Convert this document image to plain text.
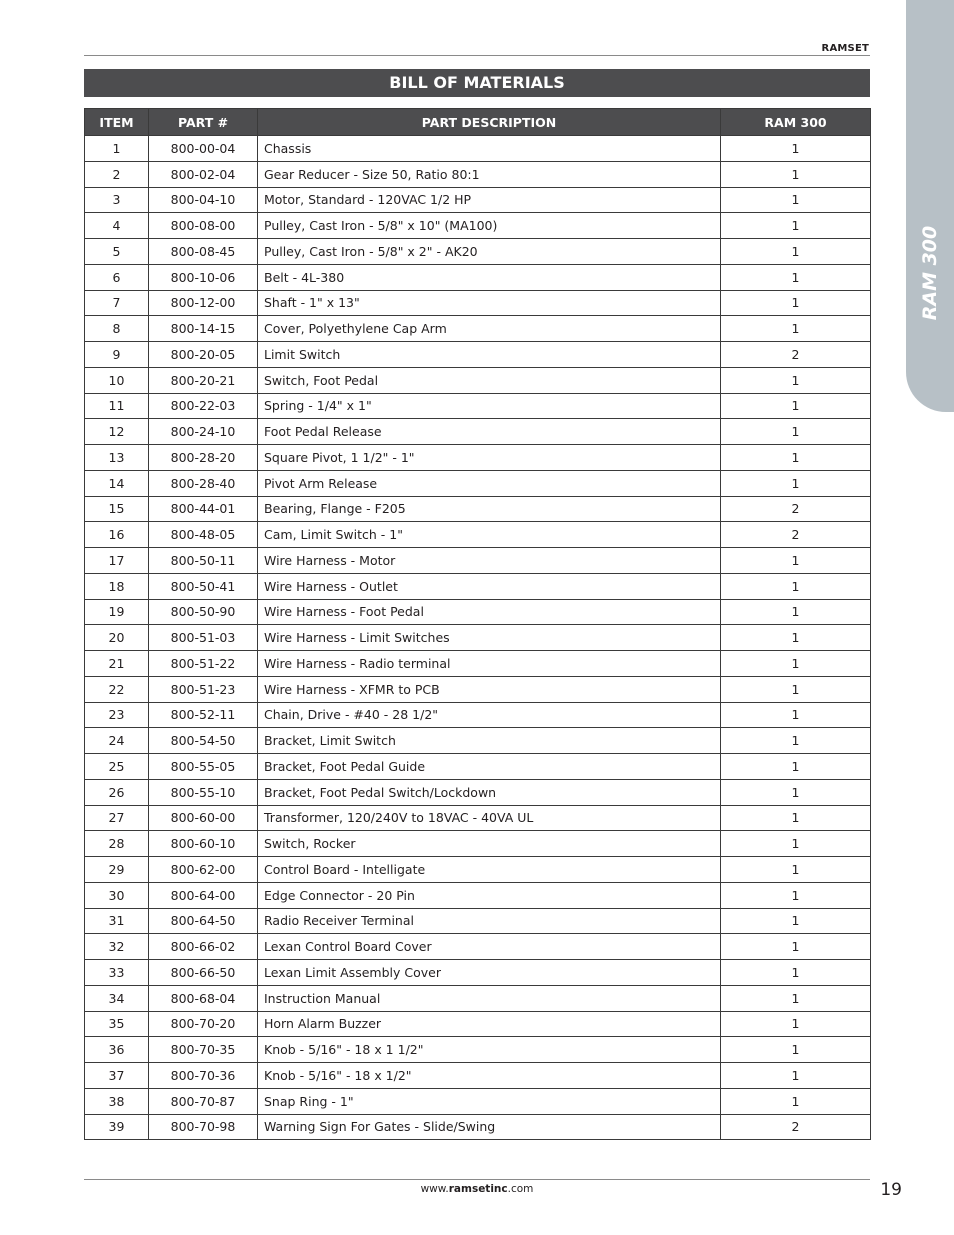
RAMSET
RAM 300
BILL OF MATERIALS
ITEM	PART #	PART DESCRIPTION	RAM 300
1	800-00-04	Chassis	1
2	800-02-04	Gear Reducer - Size 50, Ratio 80:1	1
3	800-04-10	Motor, Standard - 120VAC 1/2 HP	1
4	800-08-00	Pulley, Cast Iron - 5/8" x 10" (MA100)	1
5	800-08-45	Pulley, Cast Iron - 5/8" x 2" - AK20	1
6	800-10-06	Belt - 4L-380	1
7	800-12-00	Shaft - 1" x 13"	1
8	800-14-15	Cover, Polyethylene Cap Arm	1
9	800-20-05	Limit Switch	2
10	800-20-21	Switch, Foot Pedal	1
11	800-22-03	Spring - 1/4" x 1"	1
12	800-24-10	Foot Pedal Release	1
13	800-28-20	Square Pivot, 1 1/2" - 1"	1
14	800-28-40	Pivot Arm Release	1
15	800-44-01	Bearing, Flange - F205	2
16	800-48-05	Cam, Limit Switch - 1"	2
17	800-50-11	Wire Harness - Motor	1
18	800-50-41	Wire Harness - Outlet	1
19	800-50-90	Wire Harness - Foot Pedal	1
20	800-51-03	Wire Harness - Limit Switches	1
21	800-51-22	Wire Harness - Radio terminal	1
22	800-51-23	Wire Harness - XFMR to PCB	1
23	800-52-11	Chain, Drive - #40 - 28 1/2"	1
24	800-54-50	Bracket, Limit Switch	1
25	800-55-05	Bracket, Foot Pedal Guide	1
26	800-55-10	Bracket, Foot Pedal Switch/Lockdown	1
27	800-60-00	Transformer, 120/240V to 18VAC - 40VA UL	1
28	800-60-10	Switch, Rocker	1
29	800-62-00	Control Board - Intelligate	1
30	800-64-00	Edge Connector - 20 Pin	1
31	800-64-50	Radio Receiver Terminal	1
32	800-66-02	Lexan Control Board Cover	1
33	800-66-50	Lexan Limit Assembly Cover	1
34	800-68-04	Instruction Manual	1
35	800-70-20	Horn Alarm Buzzer	1
36	800-70-35	Knob - 5/16" - 18 x 1 1/2"	1
37	800-70-36	Knob - 5/16" - 18 x 1/2"	1
38	800-70-87	Snap Ring - 1"	1
39	800-70-98	Warning Sign For Gates - Slide/Swing	2
www.ramsetinc.com	19
